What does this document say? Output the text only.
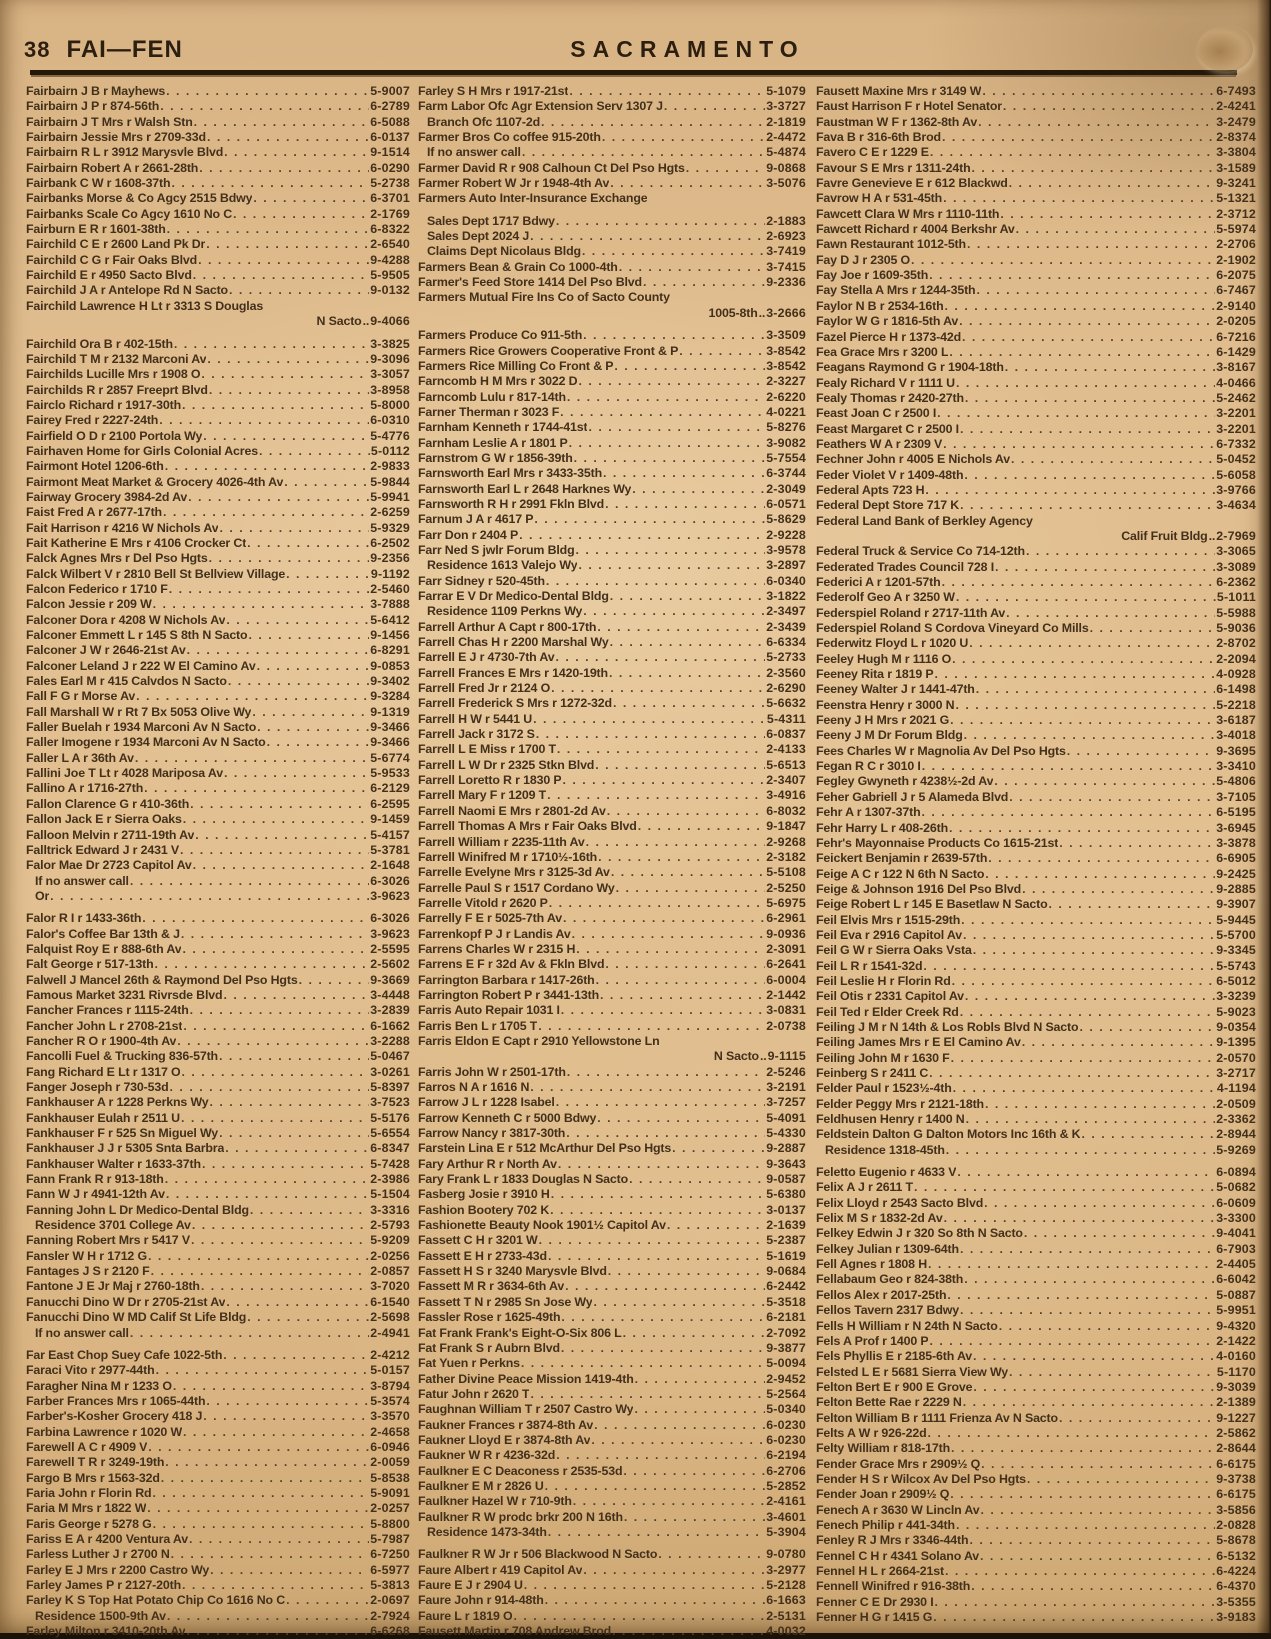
38 FAI—FEN	SACRAMENTO
Fairbairn J B r Mayhews . . .	5-9007
Fairbairn J P r 874-56th . . .	6-2789
Fairbairn J T Mrs r Walsh Stn . . .	6-5088
Fairbairn Jessie Mrs r 2709-33d . . .	6-0137
Fairbairn R L r 3912 Marysvle Blvd . . .	9-1514
Fairbairn Robert A r 2661-28th . . .	6-0290
Fairbank C W r 1608-37th . . .	5-2738
Fairbanks Morse & Co Agcy 2515 Bdwy . . .	6-3701
Fairbanks Scale Co Agcy 1610 No C . . .	2-1769
Fairburn E R r 1601-38th . . .	6-8322
Fairchild C E r 2600 Land Pk Dr . . .	2-6540
Fairchild C G r Fair Oaks Blvd . . .	9-4288
Fairchild E r 4950 Sacto Blvd . . .	5-9505
Fairchild J A r Antelope Rd N Sacto . . .	9-0132
Fairchild Lawrence H Lt r 3313 S Douglas
N Sacto .. 9-4066
Fairchild Ora B r 402-15th . . .	3-3825
Fairchild T M r 2132 Marconi Av . . .	9-3096
Fairchilds Lucille Mrs r 1908 O . . .	3-3057
Fairchilds R r 2857 Freeprt Blvd . . .	3-8958
Fairclo Richard r 1917-30th . . .	5-8000
Fairey Fred r 2227-24th . . .	6-0310
Fairfield O D r 2100 Portola Wy . . .	5-4776
Fairhaven Home for Girls Colonial Acres . . .	5-0112
Fairmont Hotel 1206-6th . . .	2-9833
Fairmont Meat Market & Grocery 4026-4th Av . . .	5-9844
Fairway Grocery 3984-2d Av . . .	5-9941
Faist Fred A r 2677-17th . . .	2-6259
Fait Harrison r 4216 W Nichols Av . . .	5-9329
Fait Katherine E Mrs r 4106 Crocker Ct . . .	6-2502
Falck Agnes Mrs r Del Pso Hgts . . .	9-2356
Falck Wilbert V r 2810 Bell St Bellview Village . . .	9-1192
Falcon Federico r 1710 F . . .	2-5460
Falcon Jessie r 209 W . . .	3-7888
Falconer Dora r 4208 W Nichols Av . . .	5-6412
Falconer Emmett L r 145 S 8th N Sacto . . .	9-1456
Falconer J W r 2646-21st Av . . .	6-8291
Falconer Leland J r 222 W El Camino Av . . .	9-0853
Fales Earl M r 415 Calvdos N Sacto . . .	9-3402
Fall F G r Morse Av . . .	9-3284
Fall Marshall W r Rt 7 Bx 5053 Olive Wy . . .	9-1319
Faller Buelah r 1934 Marconi Av N Sacto . . .	9-3466
Faller Imogene r 1934 Marconi Av N Sacto . . .	9-3466
Faller L A r 36th Av . . .	5-6774
Fallini Joe T Lt r 4028 Mariposa Av . . .	5-9533
Fallino A r 1716-27th . . .	6-2129
Fallon Clarence G r 410-36th . . .	6-2595
Fallon Jack E r Sierra Oaks . . .	9-1459
Falloon Melvin r 2711-19th Av . . .	5-4157
Falltrick Edward J r 2431 V . . .	5-3781
Falor Mae Dr 2723 Capitol Av . . .	2-1648
If no answer call . . .	6-3026
Or . . .	3-9623
Falor R I r 1433-36th . . .	6-3026
Falor's Coffee Bar 13th & J . . .	3-9623
Falquist Roy E r 888-6th Av . . .	2-5595
Falt George r 517-13th . . .	2-5602
Falwell J Mancel 26th & Raymond Del Pso Hgts . . .	9-3669
Famous Market 3231 Rivrsde Blvd . . .	3-4448
Fancher Frances r 1115-24th . . .	3-2839
Fancher John L r 2708-21st . . .	6-1662
Fancher R O r 1900-4th Av . . .	3-2288
Fancolli Fuel & Trucking 836-57th . . .	5-0467
Fang Richard E Lt r 1317 O . . .	3-0261
Fanger Joseph r 730-53d . . .	5-8397
Fankhauser A r 1228 Perkns Wy . . .	3-7523
Fankhauser Eulah r 2511 U . . .	5-5176
Fankhauser F r 525 Sn Miguel Wy . . .	5-6554
Fankhauser J J r 5305 Snta Barbra . . .	6-8347
Fankhauser Walter r 1633-37th . . .	5-7428
Fann Frank R r 913-18th . . .	2-3986
Fann W J r 4941-12th Av . . .	5-1504
Fanning John L Dr Medico-Dental Bldg . . .	3-3316
Residence 3701 College Av . . .	2-5793
Fanning Robert Mrs r 5417 V . . .	5-9209
Fansler W H r 1712 G . . .	2-0256
Fantages J S r 2120 F . . .	2-0857
Fantone J E Jr Maj r 2760-18th . . .	3-7020
Fanucchi Dino W Dr r 2705-21st Av . . .	6-1540
Fanucchi Dino W MD Calif St Life Bldg . . .	2-5698
If no answer call . . .	2-4941
Far East Chop Suey Cafe 1022-5th . . .	2-4212
Faraci Vito r 2977-44th . . .	5-0157
Faragher Nina M r 1233 O . . .	3-8794
Farber Frances Mrs r 1065-44th . . .	5-3574
Farber's-Kosher Grocery 418 J . . .	3-3570
Farbina Lawrence r 1020 W . . .	2-4658
Farewell A C r 4909 V . . .	6-0946
Farewell T R r 3249-19th . . .	2-0059
Fargo B Mrs r 1563-32d . . .	5-8538
Faria John r Florin Rd . . .	5-9091
Faria M Mrs r 1822 W . . .	2-0257
Faris George r 5278 G . . .	5-8800
Fariss E A r 4200 Ventura Av . . .	5-7987
Farless Luther J r 2700 N . . .	6-7250
Farley E J Mrs r 2200 Castro Wy . . .	6-5977
Farley James P r 2127-20th . . .	5-3813
Farley K S Top Hat Potato Chip Co 1616 No C . . .	2-0697
Residence 1500-9th Av . . .	2-7924
Farley Milton r 3410-20th Av . . .	6-6268
Farley S H Mrs r 1917-21st . . .	5-1079
Farm Labor Ofc Agr Extension Serv 1307 J . . .	3-3727
Branch Ofc 1107-2d . . .	2-1819
Farmer Bros Co coffee 915-20th . . .	2-4472
If no answer call . . .	5-4874
Farmer David R r 908 Calhoun Ct Del Pso Hgts . . .	9-0868
Farmer Robert W Jr r 1948-4th Av . . .	3-5076
Farmers Auto Inter-Insurance Exchange
Sales Dept 1717 Bdwy . . .	2-1883
Sales Dept 2024 J . . .	2-6923
Claims Dept Nicolaus Bldg . . .	3-7419
Farmers Bean & Grain Co 1000-4th . . .	3-7415
Farmer's Feed Store 1414 Del Pso Blvd . . .	9-2336
Farmers Mutual Fire Ins Co of Sacto County
1005-8th .. 3-2666
Farmers Produce Co 911-5th . . .	3-3509
Farmers Rice Growers Cooperative Front & P . . .	3-8542
Farmers Rice Milling Co Front & P . . .	3-8542
Farncomb H M Mrs r 3022 D . . .	2-3227
Farncomb Lulu r 817-14th . . .	2-6220
Farner Therman r 3023 F . . .	4-0221
Farnham Kenneth r 1744-41st . . .	5-8276
Farnham Leslie A r 1801 P . . .	3-9082
Farnstrom G W r 1856-39th . . .	5-7554
Farnsworth Earl Mrs r 3433-35th . . .	6-3744
Farnsworth Earl L r 2648 Harknes Wy . . .	2-3049
Farnsworth R H r 2991 Fkln Blvd . . .	6-0571
Farnum J A r 4617 P . . .	5-8629
Farr Don r 2404 P . . .	2-9228
Farr Ned S jwlr Forum Bldg . . .	3-9578
Residence 1613 Valejo Wy . . .	3-2897
Farr Sidney r 520-45th . . .	6-0340
Farrar E V Dr Medico-Dental Bldg . . .	3-1822
Residence 1109 Perkns Wy . . .	2-3497
Farrell Arthur A Capt r 800-17th . . .	2-3439
Farrell Chas H r 2200 Marshal Wy . . .	6-6334
Farrell E J r 4730-7th Av . . .	5-2733
Farrell Frances E Mrs r 1420-19th . . .	2-3560
Farrell Fred Jr r 2124 O . . .	2-6290
Farrell Frederick S Mrs r 1272-32d . . .	5-6632
Farrell H W r 5441 U . . .	5-4311
Farrell Jack r 3172 S . . .	6-0837
Farrell L E Miss r 1700 T . . .	2-4133
Farrell L W Dr r 2325 Stkn Blvd . . .	5-6513
Farrell Loretto R r 1830 P . . .	2-3407
Farrell Mary F r 1209 T . . .	3-4916
Farrell Naomi E Mrs r 2801-2d Av . . .	6-8032
Farrell Thomas A Mrs r Fair Oaks Blvd . . .	9-1847
Farrell William r 2235-11th Av . . .	2-9268
Farrell Winifred M r 1710½-16th . . .	2-3182
Farrelle Evelyne Mrs r 3125-3d Av . . .	5-5108
Farrelle Paul S r 1517 Cordano Wy . . .	2-5250
Farrelle Vitold r 2620 P . . .	5-6975
Farrelly F E r 5025-7th Av . . .	6-2961
Farrenkopf P J r Landis Av . . .	9-0936
Farrens Charles W r 2315 H . . .	2-3091
Farrens E F r 32d Av & Fkln Blvd . . .	6-2641
Farrington Barbara r 1417-26th . . .	6-0004
Farrington Robert P r 3441-13th . . .	2-1442
Farris Auto Repair 1031 I . . .	3-0831
Farris Ben L r 1705 T . . .	2-0738
Farris Eldon E Capt r 2910 Yellowstone Ln
N Sacto .. 9-1115
Farris John W r 2501-17th . . .	2-5246
Farros N A r 1616 N . . .	3-2191
Farrow J L r 1228 Isabel . . .	3-7257
Farrow Kenneth C r 5000 Bdwy . . .	5-4091
Farrow Nancy r 3817-30th . . .	5-4330
Farstein Lina E r 512 McArthur Del Pso Hgts . . .	9-2887
Fary Arthur R r North Av . . .	9-3643
Fary Frank L r 1833 Douglas N Sacto . . .	9-0587
Fasberg Josie r 3910 H . . .	5-6380
Fashion Bootery 702 K . . .	3-0137
Fashionette Beauty Nook 1901½ Capitol Av . . .	2-1639
Fassett C H r 3201 W . . .	5-2387
Fassett E H r 2733-43d . . .	5-1619
Fassett H S r 3240 Marysvle Blvd . . .	9-0684
Fassett M R r 3634-6th Av . . .	6-2442
Fassett T N r 2985 Sn Jose Wy . . .	5-3518
Fassler Rose r 1625-49th . . .	6-2181
Fat Frank Frank's Eight-O-Six 806 L . . .	2-7092
Fat Frank S r Aubrn Blvd . . .	9-3877
Fat Yuen r Perkns . . .	5-0094
Father Divine Peace Mission 1419-4th . . .	2-9452
Fatur John r 2620 T . . .	5-2564
Faughnan William T r 2507 Castro Wy . . .	5-0340
Faukner Frances r 3874-8th Av . . .	6-0230
Faukner Lloyd E r 3874-8th Av . . .	6-0230
Faukner W R r 4236-32d . . .	6-2194
Faulkner E C Deaconess r 2535-53d . . .	6-2706
Faulkner E M r 2826 U . . .	5-2852
Faulkner Hazel W r 710-9th . . .	2-4161
Faulkner R W prodc brkr 200 N 16th . . .	3-4601
Residence 1473-34th . . .	5-3904
Faulkner R W Jr r 506 Blackwood N Sacto . . .	9-0780
Faure Albert r 419 Capitol Av . . .	3-2977
Faure E J r 2904 U . . .	5-2128
Faure John r 914-48th . . .	6-1663
Faure L r 1819 O . . .	2-5131
Fausett Martin r 708 Andrew Brod . . .	4-0032
Fausett Maxine Mrs r 3149 W . . .	6-7493
Faust Harrison F r Hotel Senator . . .	2-4241
Faustman W F r 1362-8th Av . . .	3-2479
Fava B r 316-6th Brod . . .	2-8374
Favero C E r 1229 E . . .	3-3804
Favour S E Mrs r 1311-24th . . .	3-1589
Favre Genevieve E r 612 Blackwd . . .	9-3241
Favrow H A r 531-45th . . .	5-1321
Fawcett Clara W Mrs r 1110-11th . . .	2-3712
Fawcett Richard r 4004 Berkshr Av . . .	5-5974
Fawn Restaurant 1012-5th . . .	2-2706
Fay D J r 2305 O . . .	2-1902
Fay Joe r 1609-35th . . .	6-2075
Fay Stella A Mrs r 1244-35th . . .	6-7467
Faylor N B r 2534-16th . . .	2-9140
Faylor W G r 1816-5th Av . . .	2-0205
Fazel Pierce H r 1373-42d . . .	6-7216
Fea Grace Mrs r 3200 L . . .	6-1429
Feagans Raymond G r 1904-18th . . .	3-8167
Fealy Richard V r 1111 U . . .	4-0466
Fealy Thomas r 2420-27th . . .	5-2462
Feast Joan C r 2500 I . . .	3-2201
Feast Margaret C r 2500 I . . .	3-2201
Feathers W A r 2309 V . . .	6-7332
Fechner John r 4005 E Nichols Av . . .	5-0452
Feder Violet V r 1409-48th . . .	5-6058
Federal Apts 723 H . . .	3-9766
Federal Dept Store 717 K . . .	3-4634
Federal Land Bank of Berkley Agency
Calif Fruit Bldg .. 2-7969
Federal Truck & Service Co 714-12th . . .	3-3065
Federated Trades Council 728 I . . .	3-3089
Federici A r 1201-57th . . .	6-2362
Federolf Geo A r 3250 W . . .	5-1011
Federspiel Roland r 2717-11th Av . . .	5-5988
Federspiel Roland S Cordova Vineyard Co Mills . . .	5-9036
Federwitz Floyd L r 1020 U . . .	2-8702
Feeley Hugh M r 1116 O . . .	2-2094
Feeney Rita r 1819 P . . .	4-0928
Feeney Walter J r 1441-47th . . .	6-1498
Feenstra Henry r 3000 N . . .	5-2218
Feeny J H Mrs r 2021 G . . .	3-6187
Feeny J M Dr Forum Bldg . . .	3-4018
Fees Charles W r Magnolia Av Del Pso Hgts . . .	9-3695
Fegan R C r 3010 I . . .	3-3410
Fegley Gwyneth r 4238½-2d Av . . .	5-4806
Feher Gabriell J r 5 Alameda Blvd . . .	3-7105
Fehr A r 1307-37th . . .	6-5195
Fehr Harry L r 408-26th . . .	3-6945
Fehr's Mayonnaise Products Co 1615-21st . . .	3-3878
Feickert Benjamin r 2639-57th . . .	6-6905
Feige A C r 122 N 6th N Sacto . . .	9-2425
Feige & Johnson 1916 Del Pso Blvd . . .	9-2885
Feige Robert L r 145 E Basetlaw N Sacto . . .	9-3907
Feil Elvis Mrs r 1515-29th . . .	5-9445
Feil Eva r 2916 Capitol Av . . .	5-5700
Feil G W r Sierra Oaks Vsta . . .	9-3345
Feil L R r 1541-32d . . .	5-5743
Feil Leslie H r Florin Rd . . .	6-5012
Feil Otis r 2331 Capitol Av . . .	3-3239
Feil Ted r Elder Creek Rd . . .	5-9023
Feiling J M r N 14th & Los Robls Blvd N Sacto . . .	9-0354
Feiling James Mrs r E El Camino Av . . .	9-1395
Feiling John M r 1630 F . . .	2-0570
Feinberg S r 2411 C . . .	3-2717
Felder Paul r 1523½-4th . . .	4-1194
Felder Peggy Mrs r 2121-18th . . .	2-0509
Feldhusen Henry r 1400 N . . .	2-3362
Feldstein Dalton G Dalton Motors Inc 16th & K . . .	2-8944
Residence 1318-45th . . .	5-9269
Feletto Eugenio r 4633 V . . .	6-0894
Felix A J r 2611 T . . .	5-0682
Felix Lloyd r 2543 Sacto Blvd . . .	6-0609
Felix M S r 1832-2d Av . . .	3-3300
Felkey Edwin J r 320 So 8th N Sacto . . .	9-4041
Felkey Julian r 1309-64th . . .	6-7903
Fell Agnes r 1808 H . . .	2-4405
Fellabaum Geo r 824-38th . . .	6-6042
Fellos Alex r 2017-25th . . .	5-0887
Fellos Tavern 2317 Bdwy . . .	5-9951
Fells H William r N 24th N Sacto . . .	9-4320
Fels A Prof r 1400 P . . .	2-1422
Fels Phyllis E r 2185-6th Av . . .	4-0160
Felsted L E r 5681 Sierra View Wy . . .	5-1170
Felton Bert E r 900 E Grove . . .	9-3039
Felton Bette Rae r 2229 N . . .	2-1389
Felton William B r 1111 Frienza Av N Sacto . . .	9-1227
Felts A W r 926-22d . . .	2-5862
Felty William r 818-17th . . .	2-8644
Fender Grace Mrs r 2909½ Q . . .	6-6175
Fender H S r Wilcox Av Del Pso Hgts . . .	9-3738
Fender Joan r 2909½ Q . . .	6-6175
Fenech A r 3630 W Lincln Av . . .	3-5856
Fenech Philip r 441-34th . . .	2-0828
Fenley R J Mrs r 3346-44th . . .	5-8678
Fennel C H r 4341 Solano Av . . .	6-5132
Fennel H L r 2664-21st . . .	6-4224
Fennell Winifred r 916-38th . . .	6-4370
Fenner C E Dr 2930 I . . .	3-5355
Fenner H G r 1415 G . . .	3-9183
